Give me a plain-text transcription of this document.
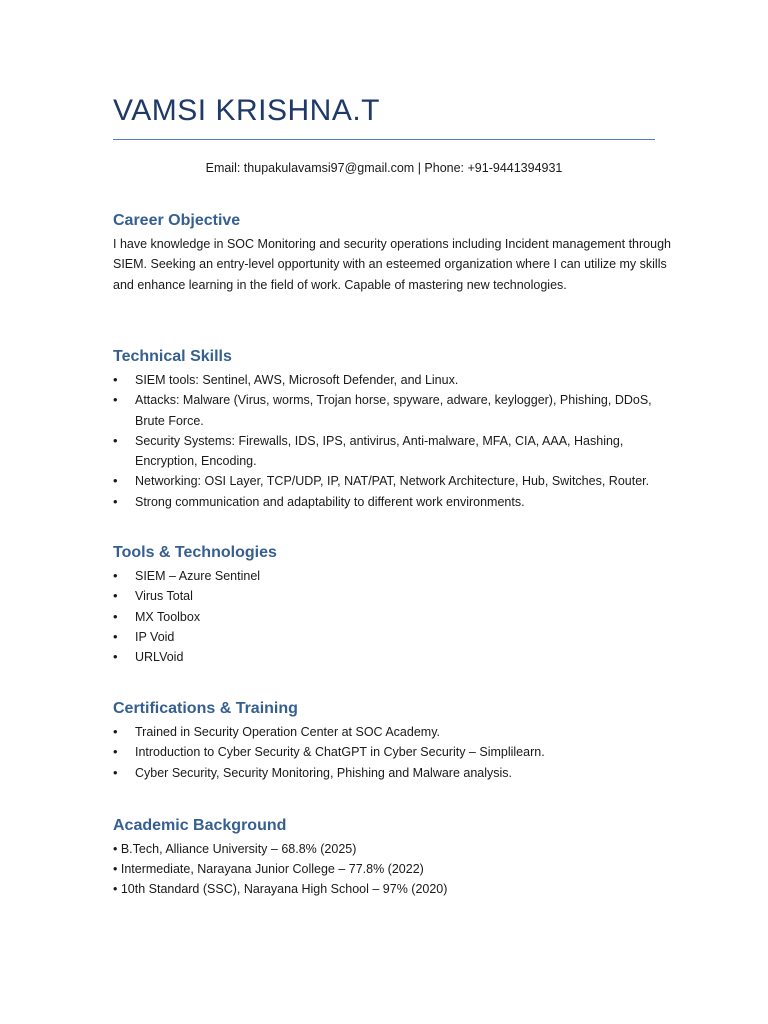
VAMSI KRISHNA.T
Email: thupakulavamsi97@gmail.com | Phone: +91-9441394931
Career Objective

I have knowledge in SOC Monitoring and security operations including Incident management through SIEM. Seeking an entry-level opportunity with an esteemed organization where I can utilize my skills and enhance learning in the field of work. Capable of mastering new technologies.

Technical Skills
• SIEM tools: Sentinel, AWS, Microsoft Defender, and Linux.
• Attacks: Malware (Virus, worms, Trojan horse, spyware, adware, keylogger), Phishing, DDoS, Brute Force.
• Security Systems: Firewalls, IDS, IPS, antivirus, Anti-malware, MFA, CIA, AAA, Hashing, Encryption, Encoding.
• Networking: OSI Layer, TCP/UDP, IP, NAT/PAT, Network Architecture, Hub, Switches, Router.
• Strong communication and adaptability to different work environments.
Tools & Technologies
• SIEM – Azure Sentinel
• Virus Total
• MX Toolbox
• IP Void
• URLVoid
Certifications & Training
• Trained in Security Operation Center at SOC Academy.
• Introduction to Cyber Security & ChatGPT in Cyber Security – Simplilearn.
• Cyber Security, Security Monitoring, Phishing and Malware analysis.
Academic Background
• B.Tech, Alliance University – 68.8% (2025)
• Intermediate, Narayana Junior College – 77.8% (2022)
• 10th Standard (SSC), Narayana High School – 97% (2020)
